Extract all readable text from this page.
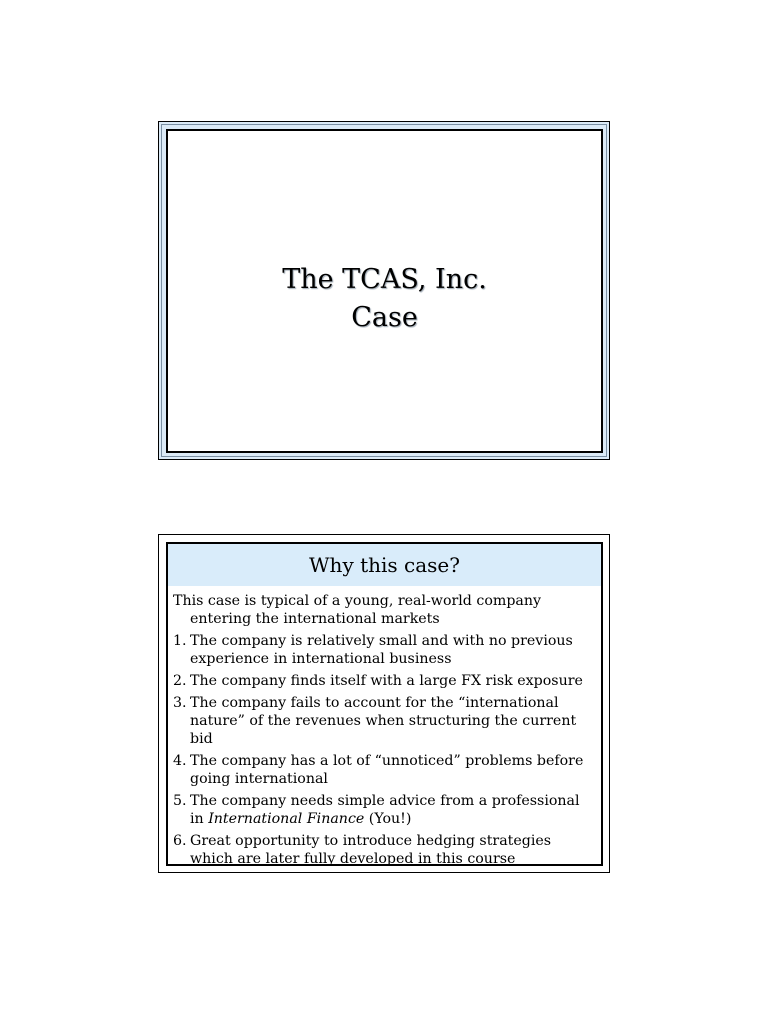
The TCAS, Inc.
Case
Why this case?

This case is typical of a young, real-world company entering the international markets

1. The company is relatively small and with no previous experience in international business
2. The company finds itself with a large FX risk exposure
3. The company fails to account for the “international nature” of the revenues when structuring the current bid
4. The company has a lot of “unnoticed” problems before going international
5. The company needs simple advice from a professional in International Finance (You!)
6. Great opportunity to introduce hedging strategies which are later fully developed in this course
